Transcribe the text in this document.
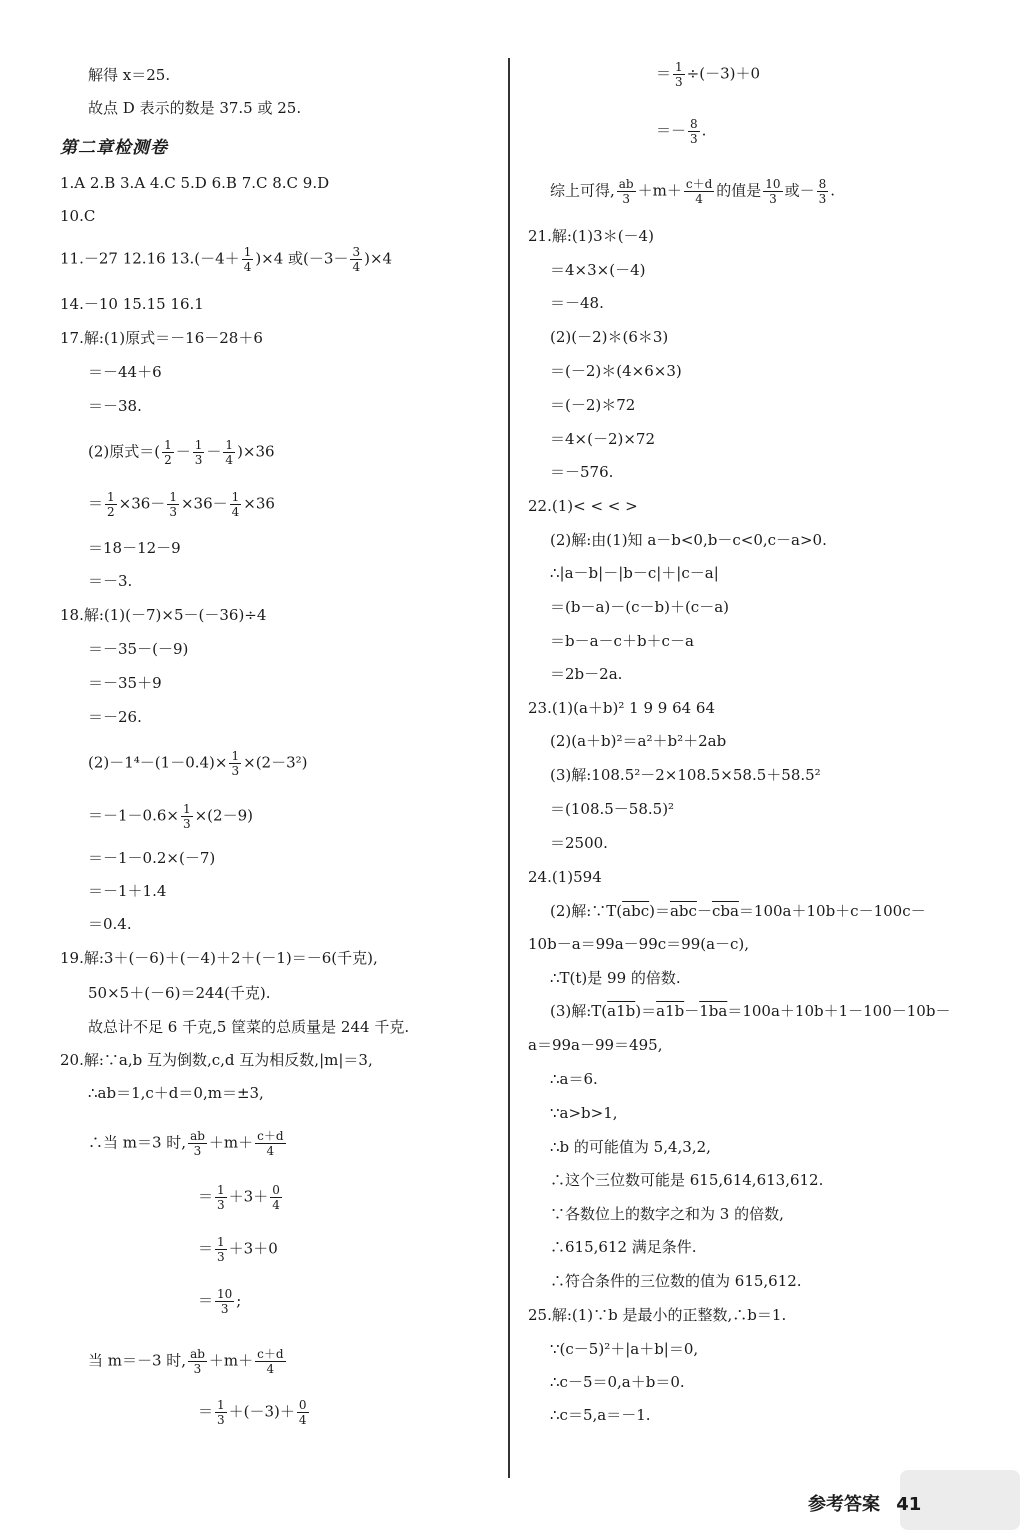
解得 x＝25.
故点 D 表示的数是 37.5 或 25.
第二章检测卷
1.A 2.B 3.A 4.C 5.D 6.B 7.C 8.C 9.D
10.C
11.－27 12.16 $13.(-4+ \frac{1}{4} )\times 4$ 或$(-3- \frac{3}{4} )\times 4$
14.－10 15.15 16.1
17.解:(1)原式＝－16－28＋6
＝－44＋6
＝－38.
(2)原式＝( $\frac{1}{2} - \frac{1}{3} - \frac{1}{4} )\times 36$
＝ $\frac{1}{2} \times 36- \frac{1}{3} \times 36- \frac{1}{4} \times 36$
＝18－12－9
＝－3.
18.解:(1)(－7)×5－(－36)÷4
＝－35－(－9)
＝－35＋9
＝－26.
$(2)-1^4-(1-0.4)\times \frac{1}{3} \times(2-3^2)$
$=-1-0.6\times \frac{1}{3} \times(2-9)$
＝－1－0.2×(－7)
＝－1＋1.4
＝0.4.
19.解:3＋(－6)＋(－4)＋2＋(－1)＝－6(千克),
50×5＋(－6)＝244(千克).
故总计不足 6 千克,5 筐菜的总质量是 244 千克.
20.解:∵a,b 互为倒数,c,d 互为相反数,|m|＝3,
∴ab＝1,c＋d＝0,m＝±3,
∴当 m＝3 时, $\frac{ab}{3} +m+ \frac{c+d}{4}$
＝ $\frac{1}{3} +3+ \frac{0}{4}$
＝ $\frac{1}{3} +3+0$
＝ $\frac{10}{3}$ ;
当 m＝－3 时, $\frac{ab}{3} +m+ \frac{c+d}{4}$
＝ $\frac{1}{3} +(-3)+ \frac{0}{4}$
＝ $\frac{1}{3} \div(-3)+0$
＝－ $\frac{8}{3}$ .
综上可得, $\frac{ab}{3} +m+ \frac{c+d}{4}$ 的值是 $\frac{10}{3}$ 或－ $\frac{8}{3}$ .
21.解:(1)3＊(－4)
＝4×3×(－4)
＝－48.
(2)(－2)＊(6＊3)
＝(－2)＊(4×6×3)
＝(－2)＊72
＝4×(－2)×72
＝－576.
22.(1)< < < >
(2)解:由(1)知 a－b<0,b－c<0,c－a>0.
∴|a－b|－|b－c|＋|c－a|
＝(b－a)－(c－b)＋(c－a)
＝b－a－c＋b＋c－a
＝2b－2a.
23.(1)(a＋b)² 1 9 9 64 64
(2)(a＋b)²＝a²＋b²＋2ab
(3)解:108.5²－2×108.5×58.5＋58.5²
＝(108.5－58.5)²
＝2500.
24.(1)594
(2)解$:\because T(\overline{abc})=\overline{abc}-\overline{cba}=100a+10b+c-100c-$
10b－a＝99a－99c＝99(a－c),
∴T(t)是 99 的倍数.
(3)解:T(a1b)＝a1b－1ba＝100a＋10b＋1－100－10b－
a＝99a－99＝495,
∴a＝6.
∵a>b>1,
∴b 的可能值为 5,4,3,2,
∴这个三位数可能是 615,614,613,612.
∵各数位上的数字之和为 3 的倍数,
∴615,612 满足条件.
∴符合条件的三位数的值为 615,612.
25.解:(1)∵b 是最小的正整数,∴b＝1.
∵(c－5)²＋|a＋b|＝0,
∴c－5＝0,a＋b＝0.
∴c＝5,a＝－1.
参考答案 41
